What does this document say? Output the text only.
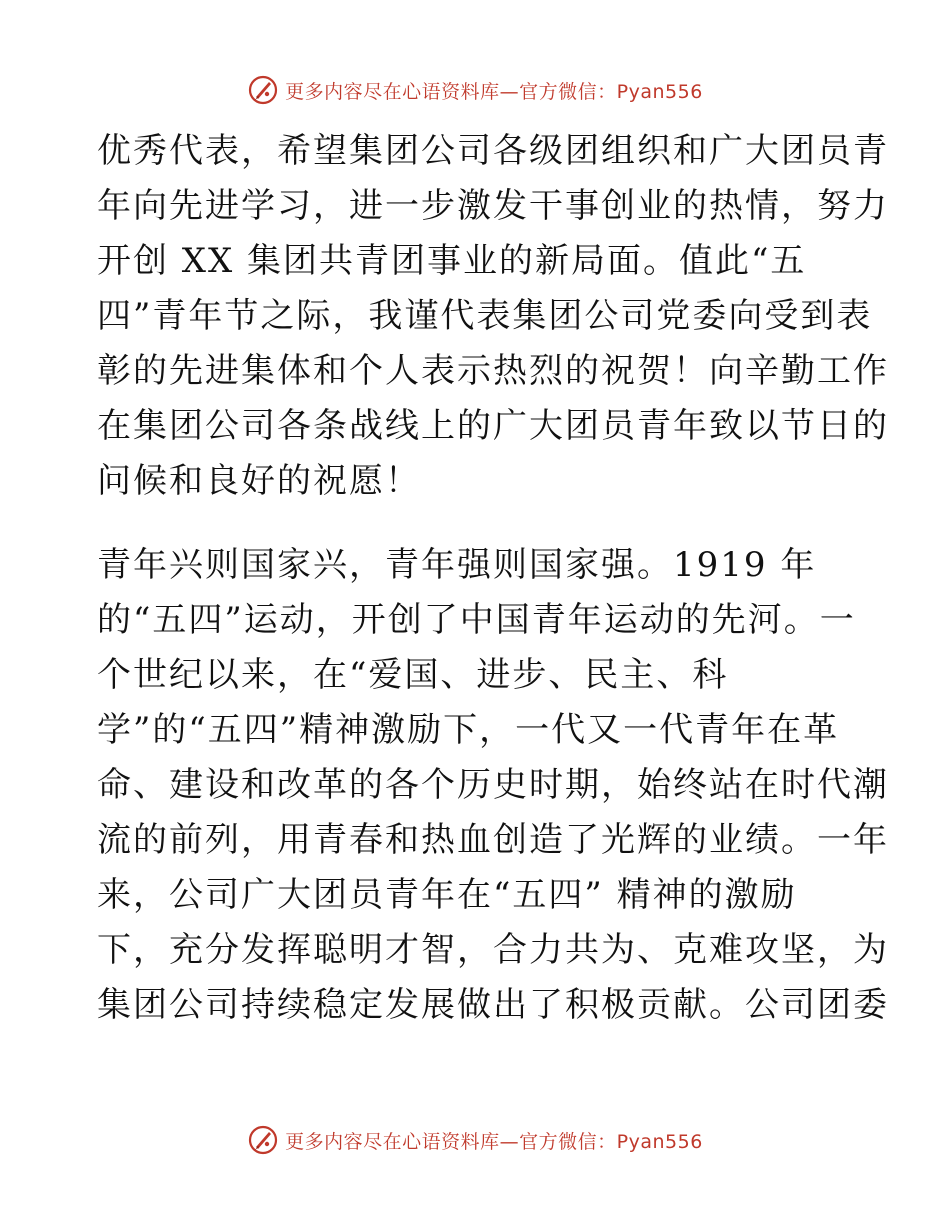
更多内容尽在心语资料库—官方微信：Pyan556
优秀代表，希望集团公司各级团组织和广大团员青
年向先进学习，进一步激发干事创业的热情，努力
开创 XX 集团共青团事业的新局面。值此“五
四”青年节之际，我谨代表集团公司党委向受到表
彰的先进集体和个人表示热烈的祝贺！向辛勤工作
在集团公司各条战线上的广大团员青年致以节日的
问候和良好的祝愿！
青年兴则国家兴，青年强则国家强。1919 年
的“五四”运动，开创了中国青年运动的先河。一
个世纪以来，在“爱国、进步、民主、科
学”的“五四”精神激励下，一代又一代青年在革
命、建设和改革的各个历史时期，始终站在时代潮
流的前列，用青春和热血创造了光辉的业绩。一年
来，公司广大团员青年在“五四” 精神的激励
下，充分发挥聪明才智，合力共为、克难攻坚，为
集团公司持续稳定发展做出了积极贡献。公司团委
更多内容尽在心语资料库—官方微信：Pyan556
